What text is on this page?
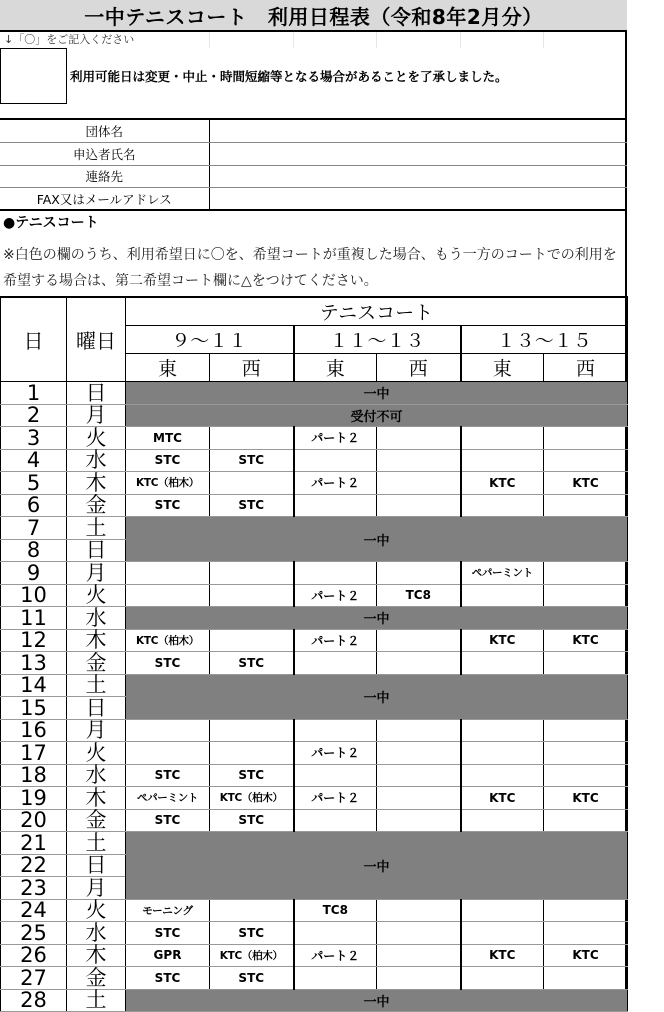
一中テニスコート　利用日程表（令和8年2月分）
↓「〇」をご記入ください
利用可能日は変更・中止・時間短縮等となる場合があることを了承しました。
団体名	
申込者氏名	
連絡先	
FAX又はメールアドレス	
●テニスコート
※白色の欄のうち、利用希望日に〇を、希望コートが重複した場合、もう一方のコートでの利用を希望する場合は、第二希望コート欄に△をつけてください。
日	曜日	テニスコート					
		９～１１		１１～１３		１３～１５	
		東	西	東	西	東	西
1	日	一中					
2	月	受付不可					
3	火	MTC		パート２			
4	水	STC	STC				
5	木	KTC（柏木）		パート２		KTC	KTC
6	金	STC	STC				
7	土	一中					
8	日						
9	月					ペパーミント	
10	火			パート２	TC8		
11	水	一中					
12	木	KTC（柏木）		パート２		KTC	KTC
13	金	STC	STC				
14	土	一中					
15	日						
16	月						
17	火			パート２			
18	水	STC	STC				
19	木	ペパーミント	KTC（柏木）	パート２		KTC	KTC
20	金	STC	STC				
21	土	一中					
22	日						
23	月						
24	火	モーニング		TC8			
25	水	STC	STC				
26	木	GPR	KTC（柏木）	パート２		KTC	KTC
27	金	STC	STC				
28	土	一中					
